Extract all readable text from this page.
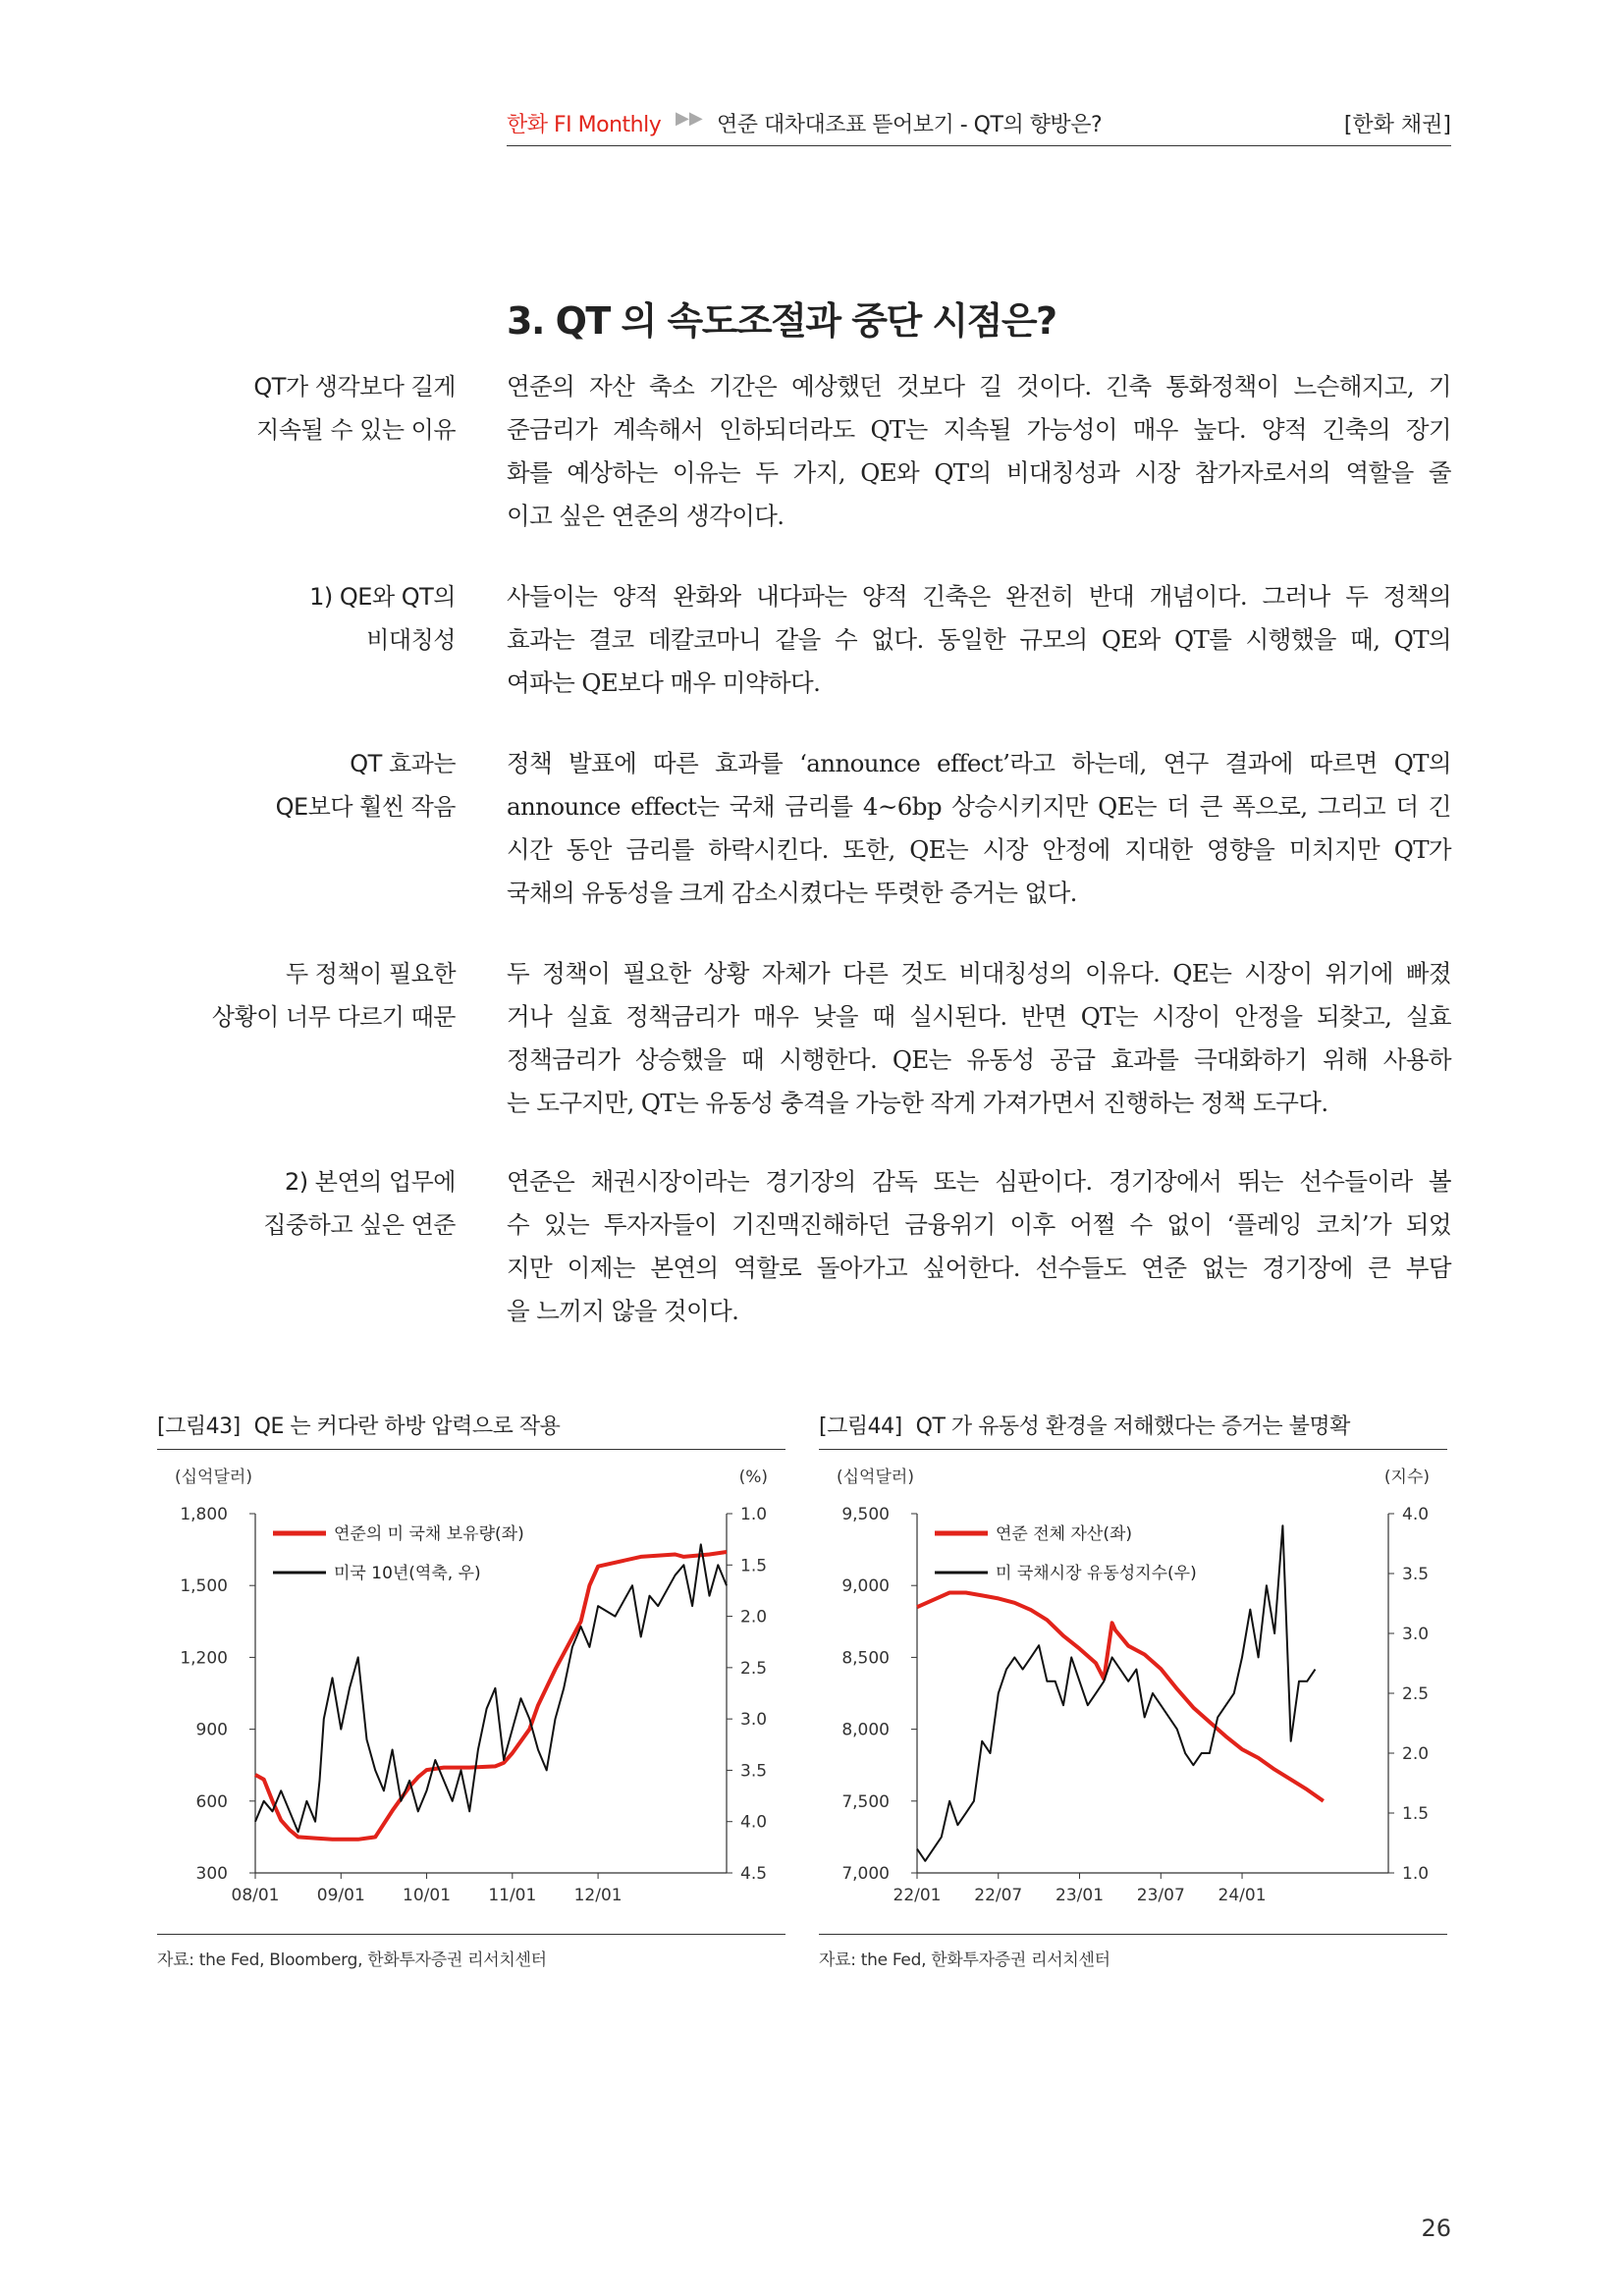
한화 FI Monthly ▶▶ 연준 대차대조표 뜯어보기 - QT의 향방은?	[한화 채권]
3. QT 의 속도조절과 중단 시점은?
QT가 생각보다 길게
지속될 수 있는 이유
연준의 자산 축소 기간은 예상했던 것보다 길 것이다. 긴축 통화정책이 느슨해지고, 기
준금리가 계속해서 인하되더라도 QT는 지속될 가능성이 매우 높다. 양적 긴축의 장기
화를 예상하는 이유는 두 가지, QE와 QT의 비대칭성과 시장 참가자로서의 역할을 줄
이고 싶은 연준의 생각이다.
1) QE와 QT의
비대칭성
사들이는 양적 완화와 내다파는 양적 긴축은 완전히 반대 개념이다. 그러나 두 정책의
효과는 결코 데칼코마니 같을 수 없다. 동일한 규모의 QE와 QT를 시행했을 때, QT의
여파는 QE보다 매우 미약하다.
QT 효과는
QE보다 훨씬 작음
정책 발표에 따른 효과를 ‘announce effect’라고 하는데, 연구 결과에 따르면 QT의
announce effect는 국채 금리를 4~6bp 상승시키지만 QE는 더 큰 폭으로, 그리고 더 긴
시간 동안 금리를 하락시킨다. 또한, QE는 시장 안정에 지대한 영향을 미치지만 QT가
국채의 유동성을 크게 감소시켰다는 뚜렷한 증거는 없다.
두 정책이 필요한
상황이 너무 다르기 때문
두 정책이 필요한 상황 자체가 다른 것도 비대칭성의 이유다. QE는 시장이 위기에 빠졌
거나 실효 정책금리가 매우 낮을 때 실시된다. 반면 QT는 시장이 안정을 되찾고, 실효
정책금리가 상승했을 때 시행한다. QE는 유동성 공급 효과를 극대화하기 위해 사용하
는 도구지만, QT는 유동성 충격을 가능한 작게 가져가면서 진행하는 정책 도구다.
2) 본연의 업무에
집중하고 싶은 연준
연준은 채권시장이라는 경기장의 감독 또는 심판이다. 경기장에서 뛰는 선수들이라 볼
수 있는 투자자들이 기진맥진해하던 금융위기 이후 어쩔 수 없이 ‘플레잉 코치’가 되었
지만 이제는 본연의 역할로 돌아가고 싶어한다. 선수들도 연준 없는 경기장에 큰 부담
을 느끼지 않을 것이다.
[그림43] QE 는 커다란 하방 압력으로 작용
(십억달러)	(%)
1,800
1,500
1,200
900
600
300
1.0
1.5
2.0
2.5
3.0
3.5
4.0
4.5
08/01 09/01 10/01 11/01 12/01
연준의 미 국채 보유량(좌)
미국 10년(역축, 우)
자료: the Fed, Bloomberg, 한화투자증권 리서치센터
[그림44] QT 가 유동성 환경을 저해했다는 증거는 불명확
(십억달러)	(지수)
9,500
9,000
8,500
8,000
7,500
7,000
4.0
3.5
3.0
2.5
2.0
1.5
1.0
22/01 22/07 23/01 23/07 24/01
연준 전체 자산(좌)
미 국채시장 유동성지수(우)
자료: the Fed, 한화투자증권 리서치센터
26
